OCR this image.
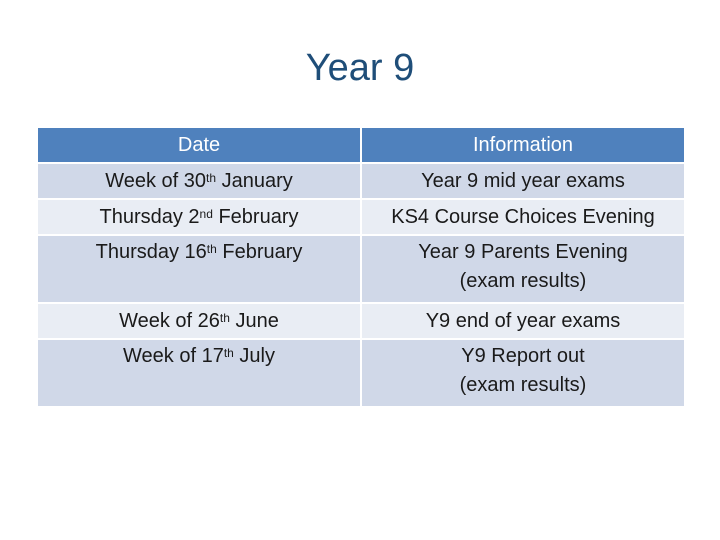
Year 9
Date	Information
Week of 30th January	Year 9 mid year exams

Thursday 2nd February	KS4 Course Choices Evening

Thursday 16th February	Year 9 Parents Evening
(exam results)

Week of 26th June	Y9 end of year exams

Week of 17th July	Y9 Report out
(exam results)
